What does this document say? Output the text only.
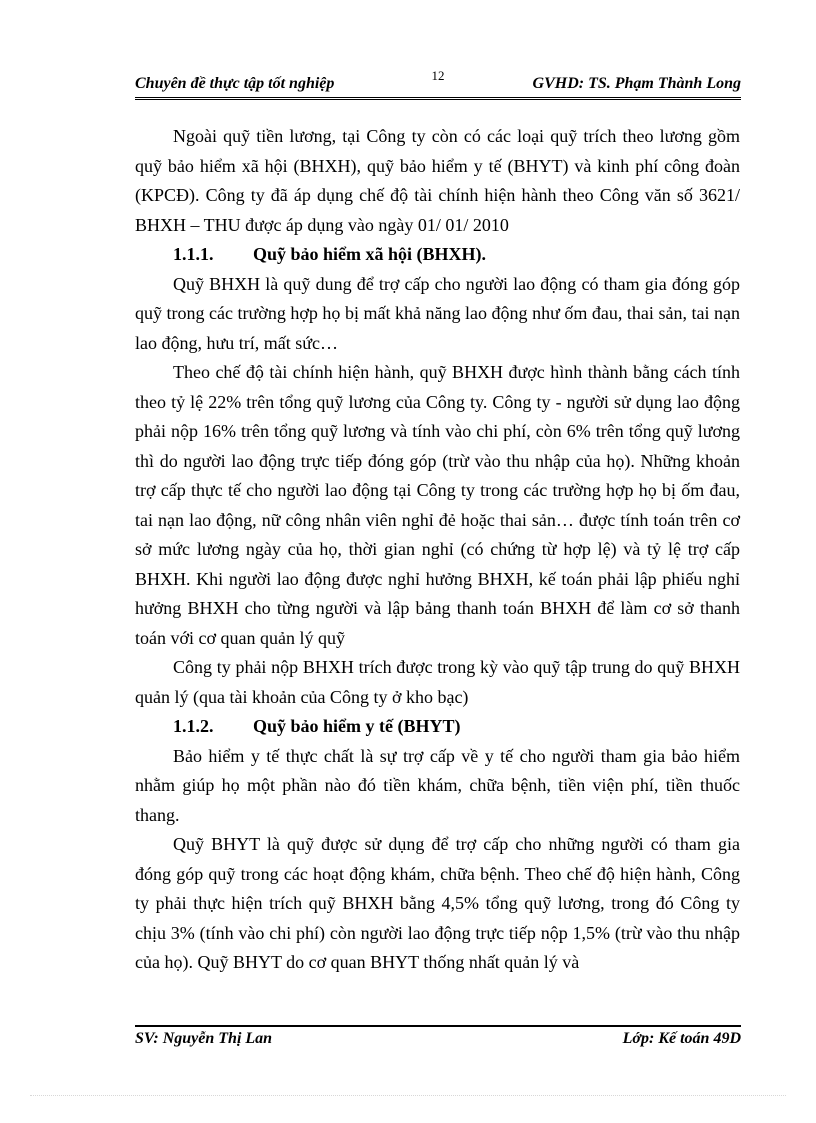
Chuyên đề thực tập tốt nghiệp	12	GVHD: TS. Phạm Thành Long

Ngoài quỹ tiền lương, tại Công ty còn có các loại quỹ trích theo lương gồm quỹ bảo hiểm xã hội (BHXH), quỹ bảo hiểm y tế (BHYT) và kinh phí công đoàn (KPCĐ). Công ty đã áp dụng chế độ tài chính hiện hành theo Công văn số 3621/ BHXH – THU được áp dụng vào ngày 01/ 01/ 2010

1.1.1. Quỹ bảo hiểm xã hội (BHXH).

Quỹ BHXH là quỹ dung để trợ cấp cho người lao động có tham gia đóng góp quỹ trong các trường hợp họ bị mất khả năng lao động như ốm đau, thai sản, tai nạn lao động, hưu trí, mất sức…

Theo chế độ tài chính hiện hành, quỹ BHXH được hình thành bằng cách tính theo tỷ lệ 22% trên tổng quỹ lương của Công ty. Công ty - người sử dụng lao động phải nộp 16% trên tổng quỹ lương và tính vào chi phí, còn 6% trên tổng quỹ lương thì do người lao động trực tiếp đóng góp (trừ vào thu nhập của họ). Những khoản trợ cấp thực tế cho người lao động tại Công ty trong các trường hợp họ bị ốm đau, tai nạn lao động, nữ công nhân viên nghỉ đẻ hoặc thai sản… được tính toán trên cơ sở mức lương ngày của họ, thời gian nghỉ (có chứng từ hợp lệ) và tỷ lệ trợ cấp BHXH. Khi người lao động được nghỉ hưởng BHXH, kế toán phải lập phiếu nghỉ hưởng BHXH cho từng người và lập bảng thanh toán BHXH để làm cơ sở thanh toán với cơ quan quản lý quỹ

Công ty phải nộp BHXH trích được trong kỳ vào quỹ tập trung do quỹ BHXH quản lý (qua tài khoản của Công ty ở kho bạc)

1.1.2. Quỹ bảo hiểm y tế (BHYT)

Bảo hiểm y tế thực chất là sự trợ cấp về y tế cho người tham gia bảo hiểm nhằm giúp họ một phần nào đó tiền khám, chữa bệnh, tiền viện phí, tiền thuốc thang.

Quỹ BHYT là quỹ được sử dụng để trợ cấp cho những người có tham gia đóng góp quỹ trong các hoạt động khám, chữa bệnh. Theo chế độ hiện hành, Công ty phải thực hiện trích quỹ BHXH bằng 4,5% tổng quỹ lương, trong đó Công ty chịu 3% (tính vào chi phí) còn người lao động trực tiếp nộp 1,5% (trừ vào thu nhập của họ). Quỹ BHYT do cơ quan BHYT thống nhất quản lý và

SV: Nguyễn Thị Lan	Lớp: Kế toán 49D
